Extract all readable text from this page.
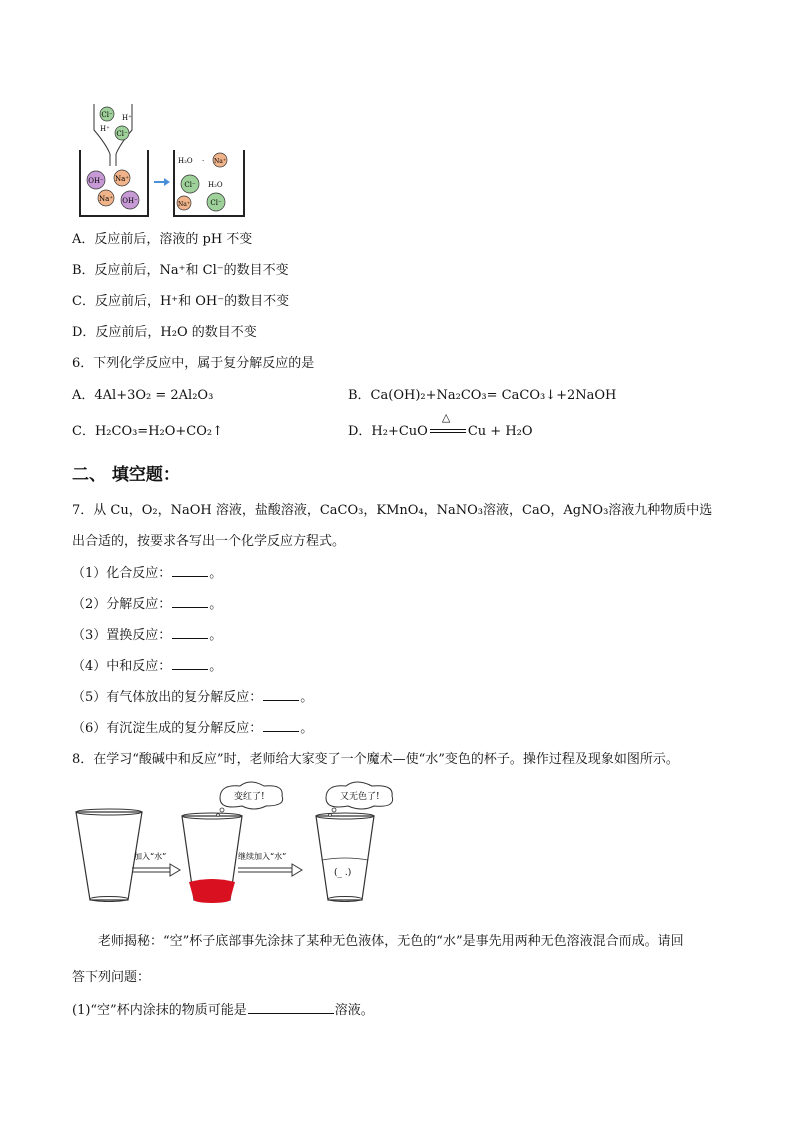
Cl⁻ H⁺
H⁺
Cl⁻
OH⁻ Na⁺
Na⁺ OH⁻
H₂O · Na⁺
Cl⁻ H₂O
Na⁺	Cl⁻
A．反应前后，溶液的 pH 不变
B．反应前后，Na⁺和 Cl⁻的数目不变
C．反应前后，H⁺和 OH⁻的数目不变
D．反应前后，H₂O 的数目不变
6．下列化学反应中，属于复分解反应的是
A．4Al+3O₂ = 2Al₂O₃	B．Ca(OH)₂+Na₂CO₃= CaCO₃↓+2NaOH
C．H₂CO₃=H₂O+CO₂↑	D．H₂+CuO
△
Cu + H₂O
二、 填空题：
7．从 Cu，O₂，NaOH 溶液，盐酸溶液，CaCO₃，KMnO₄，NaNO₃溶液，CaO，AgNO₃溶液九种物质中选
出合适的，按要求各写出一个化学反应方程式。
（1）化合反应：	。
（2）分解反应：	。
（3）置换反应：	。
（4）中和反应：	。
（5）有气体放出的复分解反应：	。
（6）有沉淀生成的复分解反应：	。
8．在学习“酸碱中和反应”时，老师给大家变了一个魔术—使“水”变色的杯子。操作过程及现象如图所示。
加入“水”
变红了!
继续加入“水”
(_ .)
又无色了!
老师揭秘：“空”杯子底部事先涂抹了某种无色液体，无色的“水”是事先用两种无色溶液混合而成。请回
答下列问题：
(1)“空”杯内涂抹的物质可能是	溶液。
